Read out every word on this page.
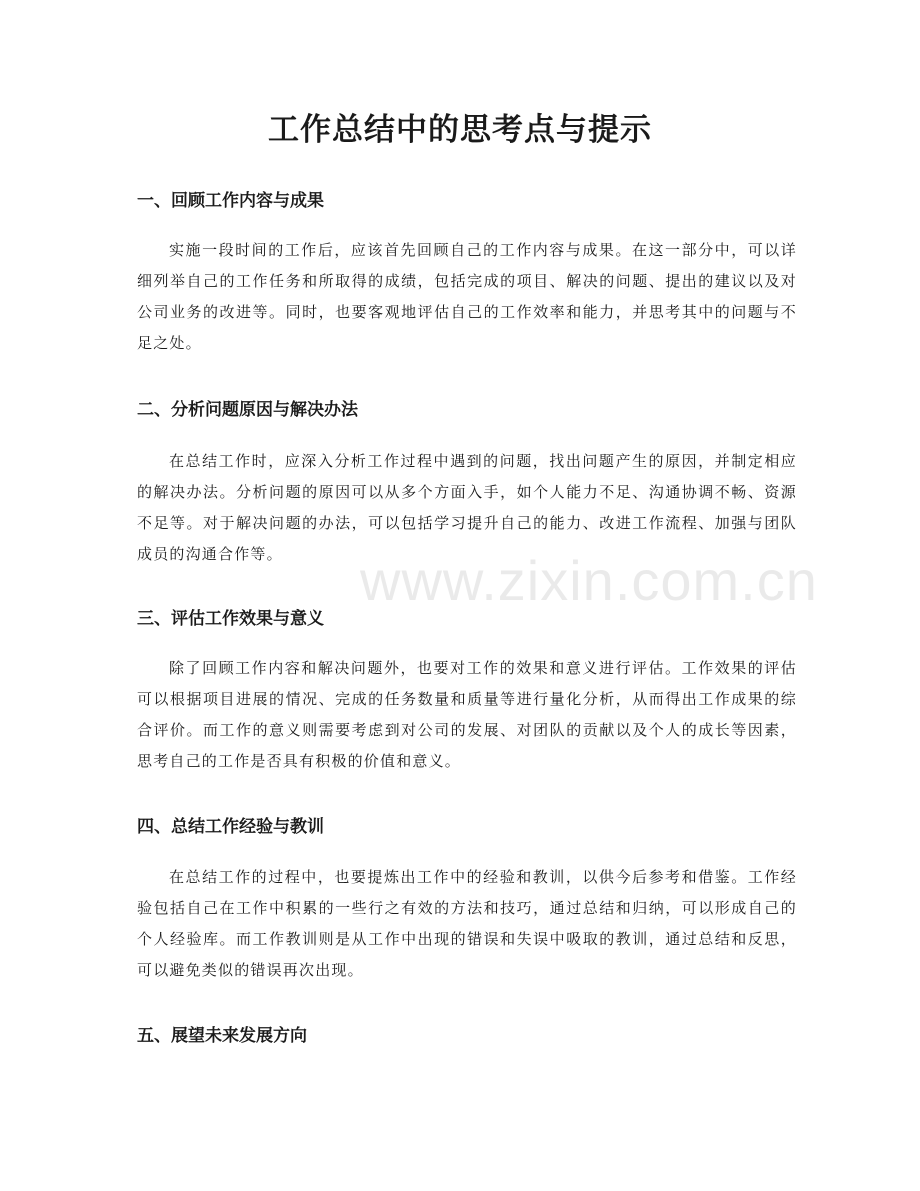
工作总结中的思考点与提示
一、回顾工作内容与成果

实施一段时间的工作后，应该首先回顾自己的工作内容与成果。在这一部分中，可以详细列举自己的工作任务和所取得的成绩，包括完成的项目、解决的问题、提出的建议以及对公司业务的改进等。同时，也要客观地评估自己的工作效率和能力，并思考其中的问题与不足之处。

二、分析问题原因与解决办法

在总结工作时，应深入分析工作过程中遇到的问题，找出问题产生的原因，并制定相应的解决办法。分析问题的原因可以从多个方面入手，如个人能力不足、沟通协调不畅、资源不足等。对于解决问题的办法，可以包括学习提升自己的能力、改进工作流程、加强与团队成员的沟通合作等。

三、评估工作效果与意义

除了回顾工作内容和解决问题外，也要对工作的效果和意义进行评估。工作效果的评估可以根据项目进展的情况、完成的任务数量和质量等进行量化分析，从而得出工作成果的综合评价。而工作的意义则需要考虑到对公司的发展、对团队的贡献以及个人的成长等因素，思考自己的工作是否具有积极的价值和意义。

四、总结工作经验与教训

在总结工作的过程中，也要提炼出工作中的经验和教训，以供今后参考和借鉴。工作经验包括自己在工作中积累的一些行之有效的方法和技巧，通过总结和归纳，可以形成自己的个人经验库。而工作教训则是从工作中出现的错误和失误中吸取的教训，通过总结和反思，可以避免类似的错误再次出现。

五、展望未来发展方向
www.zixin.com.cn
